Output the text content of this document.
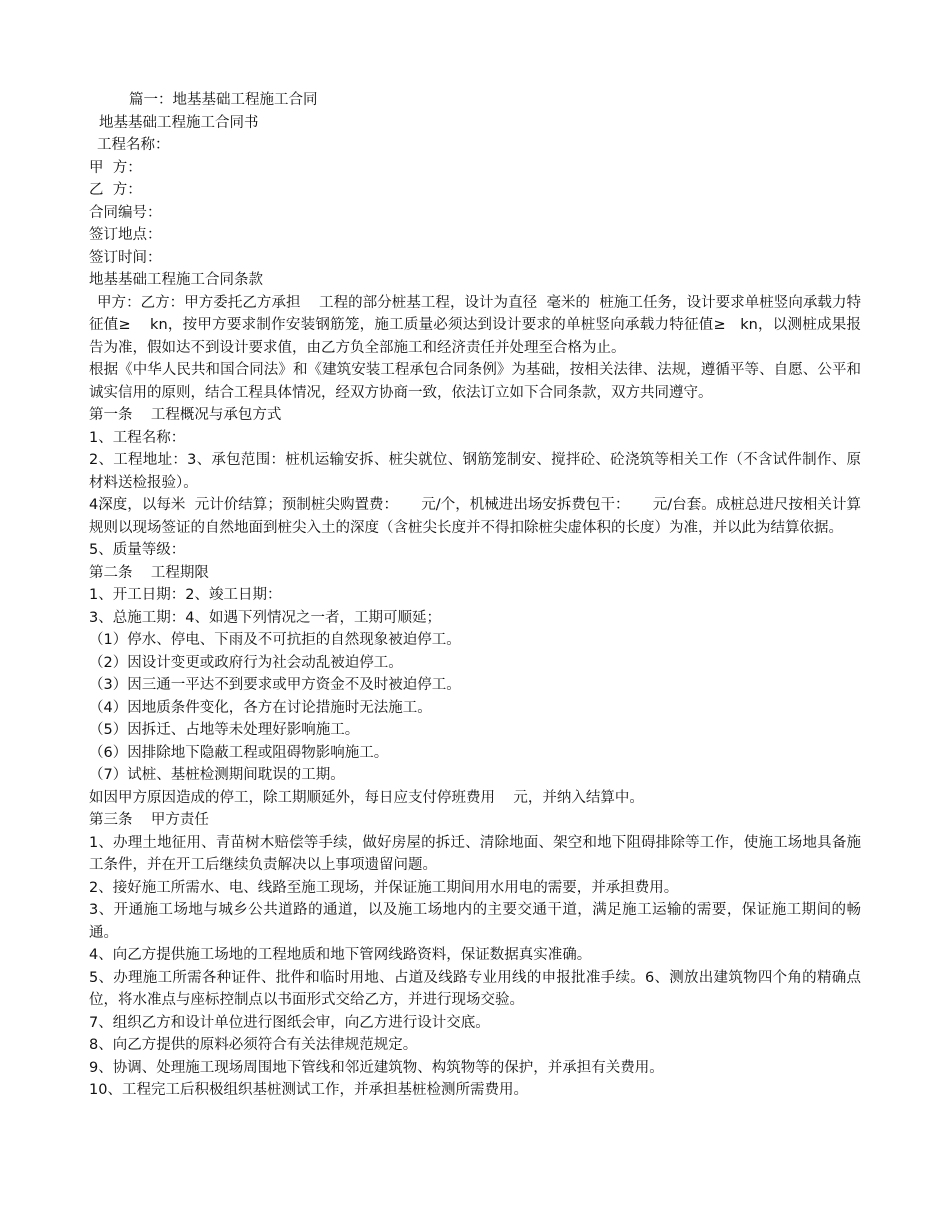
篇一：地基基础工程施工合同

地基基础工程施工合同书

工程名称：

甲  方：

乙  方：

合同编号：

签订地点：

签订时间：

地基基础工程施工合同条款

甲方：乙方：甲方委托乙方承担    工程的部分桩基工程，设计为直径  毫米的  桩施工任务，设计要求单桩竖向承载力特征值≥    kn，按甲方要求制作安装钢筋笼，施工质量必须达到设计要求的单桩竖向承载力特征值≥   kn，以测桩成果报告为准，假如达不到设计要求值，由乙方负全部施工和经济责任并处理至合格为止。

根据《中华人民共和国合同法》和《建筑安装工程承包合同条例》为基础，按相关法律、法规，遵循平等、自愿、公平和诚实信用的原则，结合工程具体情况，经双方协商一致，依法订立如下合同条款，双方共同遵守。

第一条    工程概况与承包方式

1、工程名称：

2、工程地址：3、承包范围：桩机运输安拆、桩尖就位、钢筋笼制安、搅拌砼、砼浇筑等相关工作（不含试件制作、原材料送检报验）。

4深度，以每米  元计价结算；预制桩尖购置费：     元/个，机械进出场安拆费包干：     元/台套。成桩总进尺按相关计算规则以现场签证的自然地面到桩尖入土的深度（含桩尖长度并不得扣除桩尖虚体积的长度）为准，并以此为结算依据。

5、质量等级：

第二条    工程期限

1、开工日期：2、竣工日期：

3、总施工期：4、如遇下列情况之一者，工期可顺延；

（1）停水、停电、下雨及不可抗拒的自然现象被迫停工。

（2）因设计变更或政府行为社会动乱被迫停工。

（3）因三通一平达不到要求或甲方资金不及时被迫停工。

（4）因地质条件变化，各方在讨论措施时无法施工。

（5）因拆迁、占地等未处理好影响施工。

（6）因排除地下隐蔽工程或阻碍物影响施工。

（7）试桩、基桩检测期间耽误的工期。

如因甲方原因造成的停工，除工期顺延外，每日应支付停班费用    元，并纳入结算中。

第三条    甲方责任

1、办理土地征用、青苗树木赔偿等手续，做好房屋的拆迁、清除地面、架空和地下阻碍排除等工作，使施工场地具备施工条件，并在开工后继续负责解决以上事项遗留问题。

2、接好施工所需水、电、线路至施工现场，并保证施工期间用水用电的需要，并承担费用。

3、开通施工场地与城乡公共道路的通道，以及施工场地内的主要交通干道，满足施工运输的需要，保证施工期间的畅通。

4、向乙方提供施工场地的工程地质和地下管网线路资料，保证数据真实准确。

5、办理施工所需各种证件、批件和临时用地、占道及线路专业用线的申报批准手续。6、测放出建筑物四个角的精确点位，将水准点与座标控制点以书面形式交给乙方，并进行现场交验。

7、组织乙方和设计单位进行图纸会审，向乙方进行设计交底。

8、向乙方提供的原料必须符合有关法律规范规定。

9、协调、处理施工现场周围地下管线和邻近建筑物、构筑物等的保护，并承担有关费用。

10、工程完工后积极组织基桩测试工作，并承担基桩检测所需费用。
